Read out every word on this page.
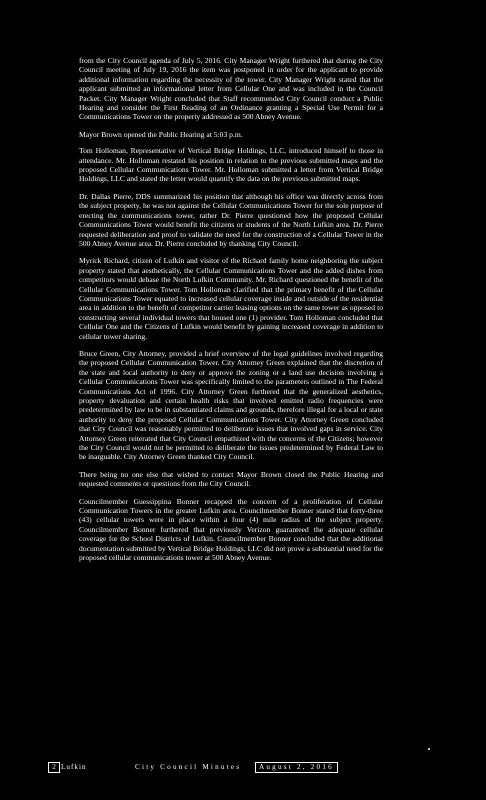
from the City Council agenda of July 5, 2016. City Manager Wright furthered that during the City Council meeting of July 19, 2016 the item was postponed in order for the applicant to provide additional information regarding the necessity of the tower. City Manager Wright stated that the applicant submitted an informational letter from Cellular One and was included in the Council Packet. City Manager Wright concluded that Staff recommended City Council conduct a Public Hearing and consider the First Reading of an Ordinance granting a Special Use Permit for a Communications Tower on the property addressed as 500 Abney Avenue.

Mayor Brown opened the Public Hearing at 5:03 p.m.

Tom Holloman, Representative of Vertical Bridge Holdings, LLC, introduced himself to those in attendance. Mr. Holloman restated his position in relation to the previous submitted maps and the proposed Cellular Communications Tower. Mr. Holloman submitted a letter from Vertical Bridge Holdings, LLC and stated the letter would quantify the data on the previous submitted maps.

Dr. Dallas Pierre, DDS summarized his position that although his office was directly across from the subject property, he was not against the Cellular Communications Tower for the sole purpose of erecting the communications tower, rather Dr. Pierre questioned how the proposed Cellular Communications Tower would benefit the citizens or students of the North Lufkin area. Dr. Pierre requested deliberation and proof to validate the need for the construction of a Cellular Tower in the 500 Abney Avenue area. Dr. Pierre concluded by thanking City Council.

Myrick Richard, citizen of Lufkin and visitor of the Richard family home neighboring the subject property stated that aesthetically, the Cellular Communications Tower and the added dishes from competitors would debase the North Lufkin Community. Mr. Richard questioned the benefit of the Cellular Communications Tower. Tom Holloman clarified that the primary benefit of the Cellular Communications Tower equated to increased cellular coverage inside and outside of the residential area in addition to the benefit of competitor carrier leasing options on the same tower as opposed to constructing several individual towers that housed one (1) provider. Tom Holloman concluded that Cellular One and the Citizens of Lufkin would benefit by gaining increased coverage in addition to cellular tower sharing.

Bruce Green, City Attorney, provided a brief overview of the legal guidelines involved regarding the proposed Cellular Communication Tower. City Attorney Green explained that the discretion of the state and local authority to deny or approve the zoning or a land use decision involving a Cellular Communications Tower was specifically limited to the parameters outlined in The Federal Communications Act of 1996. City Attorney Green furthered that the generalized aesthetics, property devaluation and certain health risks that involved emitted radio frequencies were predetermined by law to be in substantiated claims and grounds, therefore illegal for a local or state authority to deny the proposed Cellular Communications Tower. City Attorney Green concluded that City Council was reasonably permitted to deliberate issues that involved gaps in service. City Attorney Green reiterated that City Council empathized with the concerns of the Citizens; however the City Council would not be permitted to deliberate the issues predetermined by Federal Law to be inarguable. City Attorney Green thanked City Council.

There being no one else that wished to contact Mayor Brown closed the Public Hearing and requested comments or questions from the City Council.

Councilmember Guessippina Bonner recapped the concern of a proliferation of Cellular Communication Towers in the greater Lufkin area. Councilmember Bonner stated that forty-three (43) cellular towers were in place within a four (4) mile radius of the subject property. Councilmember Bonner furthered that previously Verizon guaranteed the adequate cellular coverage for the School Districts of Lufkin. Councilmember Bonner concluded that the additional documentation submitted by Vertical Bridge Holdings, LLC did not prove a substantial need for the proposed cellular communications tower at 500 Abney Avenue.

2 Lufkin	City Council Minutes	August 2, 2016
